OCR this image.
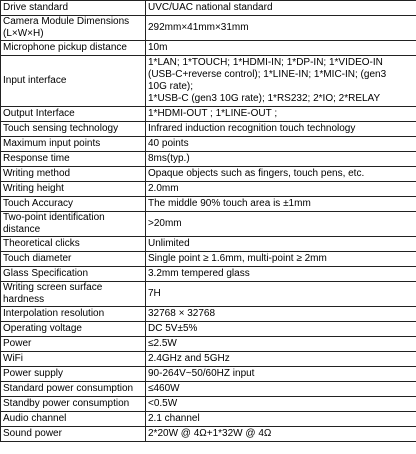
Drive standard	UVC/UAC national standard

Camera Module Dimensions (L×W×H)	292mm×41mm×31mm

Microphone pickup distance	10m

Input interface	1*LAN; 1*TOUCH; 1*HDMI-IN; 1*DP-IN; 1*VIDEO-IN
(USB-C+reverse control); 1*LINE-IN; 1*MIC-IN; (gen3
10G rate);
1*USB-C (gen3 10G rate); 1*RS232; 2*IO; 2*RELAY

Output Interface	1*HDMI-OUT ; 1*LINE-OUT ;

Touch sensing technology	Infrared induction recognition touch technology

Maximum input points	40 points

Response time	8ms(typ.)

Writing method	Opaque objects such as fingers, touch pens, etc.

Writing height	2.0mm

Touch Accuracy	The middle 90% touch area is ±1mm

Two-point identification distance	>20mm

Theoretical clicks	Unlimited

Touch diameter	Single point ≥ 1.6mm, multi-point ≥ 2mm

Glass Specification	3.2mm tempered glass

Writing screen surface hardness	7H

Interpolation resolution	32768 × 32768

Operating voltage	DC 5V±5%

Power	≤2.5W

WiFi	2.4GHz and 5GHz

Power supply	90-264V~50/60HZ input

Standard power consumption	≤460W

Standby power consumption	<0.5W

Audio channel	2.1 channel

Sound power	2*20W @ 4Ω+1*32W @ 4Ω
